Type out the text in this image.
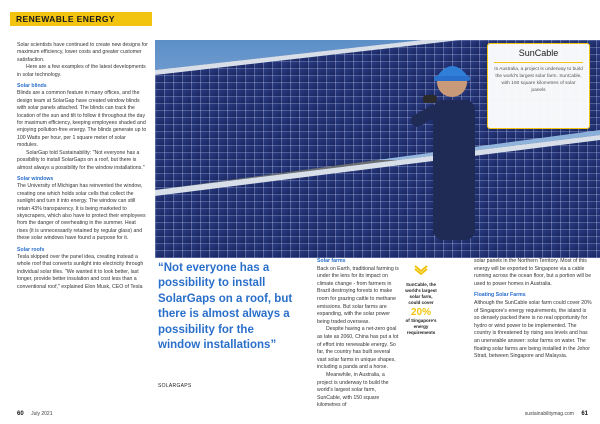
RENEWABLE ENERGY

Solar scientists have continued to create new designs for maximum efficiency, lower costs and greater customer satisfaction.

Here are a few examples of the latest developments in solar technology.

Solar blinds

Blinds are a common feature in many offices, and the design team at SolarGap have created window blinds with solar panels attached. The blinds can track the location of the sun and tilt to follow it throughout the day for maximum efficiency, keeping employees shaded and enjoying pollution-free energy. The blinds generate up to 100 Watts per hour, per 1 square meter of solar modules.

SolarGap told Sustainability: "Not everyone has a possibility to install SolarGaps on a roof, but there is almost always a possibility for the window installations."

Solar windows

The University of Michigan has reinvented the window, creating one which holds solar cells that collect the sunlight and turn it into energy. The window can still retain 43% transparency. It is being marketed to skyscrapers, which also have to protect their employees from the danger of overheating in the summer. Heat rises (it is unnecessarily retained by regular glass) and these solar windows have found a purpose for it.

Solar roofs

Tesla skipped over the panel idea, creating instead a whole roof that converts sunlight into electricity through individual solar tiles. "We wanted it to look better, last longer, provide better insulation and cost less than a conventional roof," explained Elon Musk, CEO of Tesla

SunCable
In Australia, a project is underway to build the world's largest solar farm. SunCable, with 150 square kilometres of solar panels
“Not everyone has a possibility to install SolarGaps on a roof, but there is almost always a possibility for the window installations”
SOLARGAPS

Solar farms

Back on Earth, traditional farming is under the lens for its impact on climate change - from farmers in Brazil destroying forests to make room for grazing cattle to methane emissions. But solar farms are expanding, with the solar power being traded overseas.

Despite having a net-zero goal as late as 2060, China has put a lot of effort into renewable energy. So far, the country has built several vast solar farms in unique shapes, including a panda and a horse.

Meanwhile, in Australia, a project is underway to build the world's largest solar farm, SunCable, with 150 square kilometres of

SunCable, the world's largest solar farm, could cover
20%
of Singapore's energy requirements

solar panels in the Northern Territory. Most of this energy will be exported to Singapore via a cable running across the ocean floor, but a portion will be used to power homes in Australia.

Floating Solar Farms

Although the SunCable solar farm could cover 20% of Singapore's energy requirements, the island is so densely packed there is no real opportunity for hydro or wind power to be implemented. The country is threatened by rising sea levels and has an unenviable answer: solar farms on water. The floating solar farms are being installed in the Johor Strait, between Singapore and Malaysia.

60 July 2021	sustainabilitymag.com 61
